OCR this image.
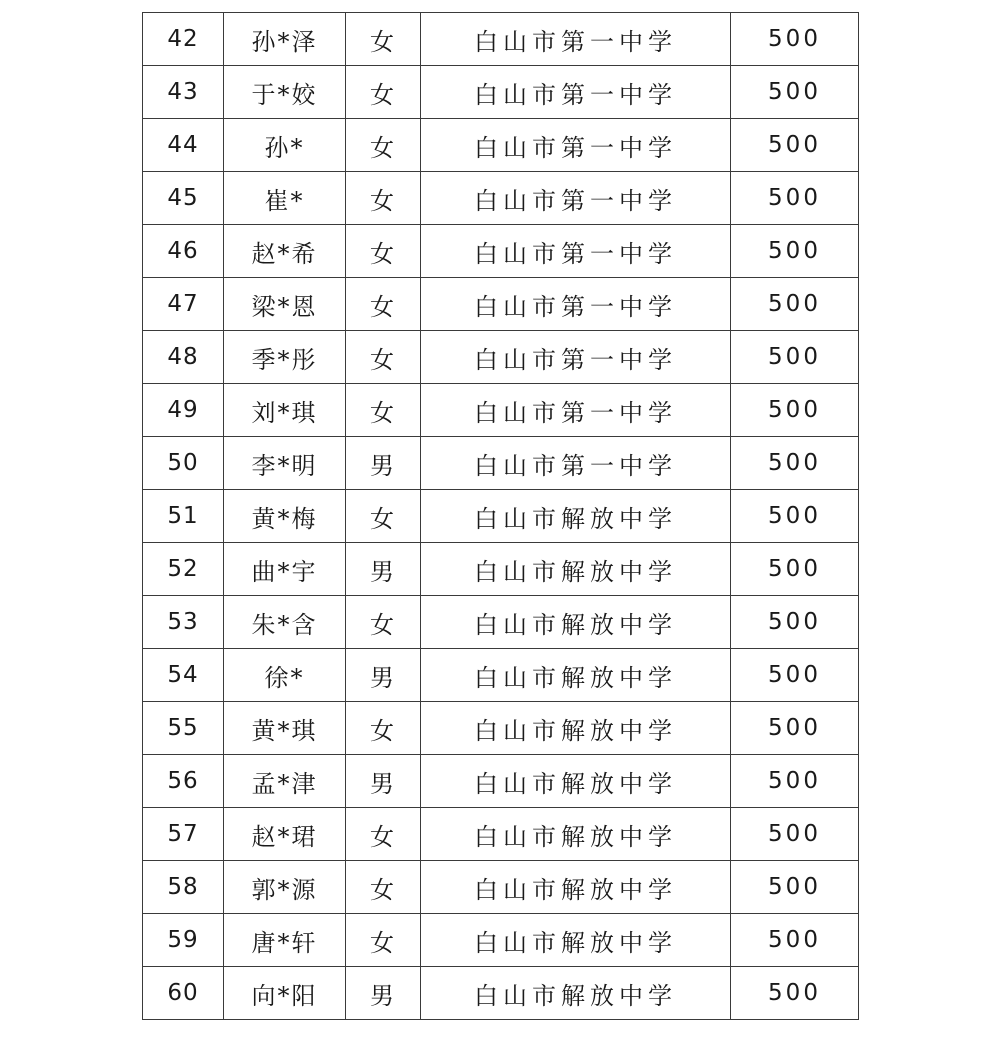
42	孙*泽	女	白山市第一中学	500
43	于*姣	女	白山市第一中学	500
44	孙*	女	白山市第一中学	500
45	崔*	女	白山市第一中学	500
46	赵*希	女	白山市第一中学	500
47	梁*恩	女	白山市第一中学	500
48	季*彤	女	白山市第一中学	500
49	刘*琪	女	白山市第一中学	500
50	李*明	男	白山市第一中学	500
51	黄*梅	女	白山市解放中学	500
52	曲*宇	男	白山市解放中学	500
53	朱*含	女	白山市解放中学	500
54	徐*	男	白山市解放中学	500
55	黄*琪	女	白山市解放中学	500
56	孟*津	男	白山市解放中学	500
57	赵*珺	女	白山市解放中学	500
58	郭*源	女	白山市解放中学	500
59	唐*轩	女	白山市解放中学	500
60	向*阳	男	白山市解放中学	500
